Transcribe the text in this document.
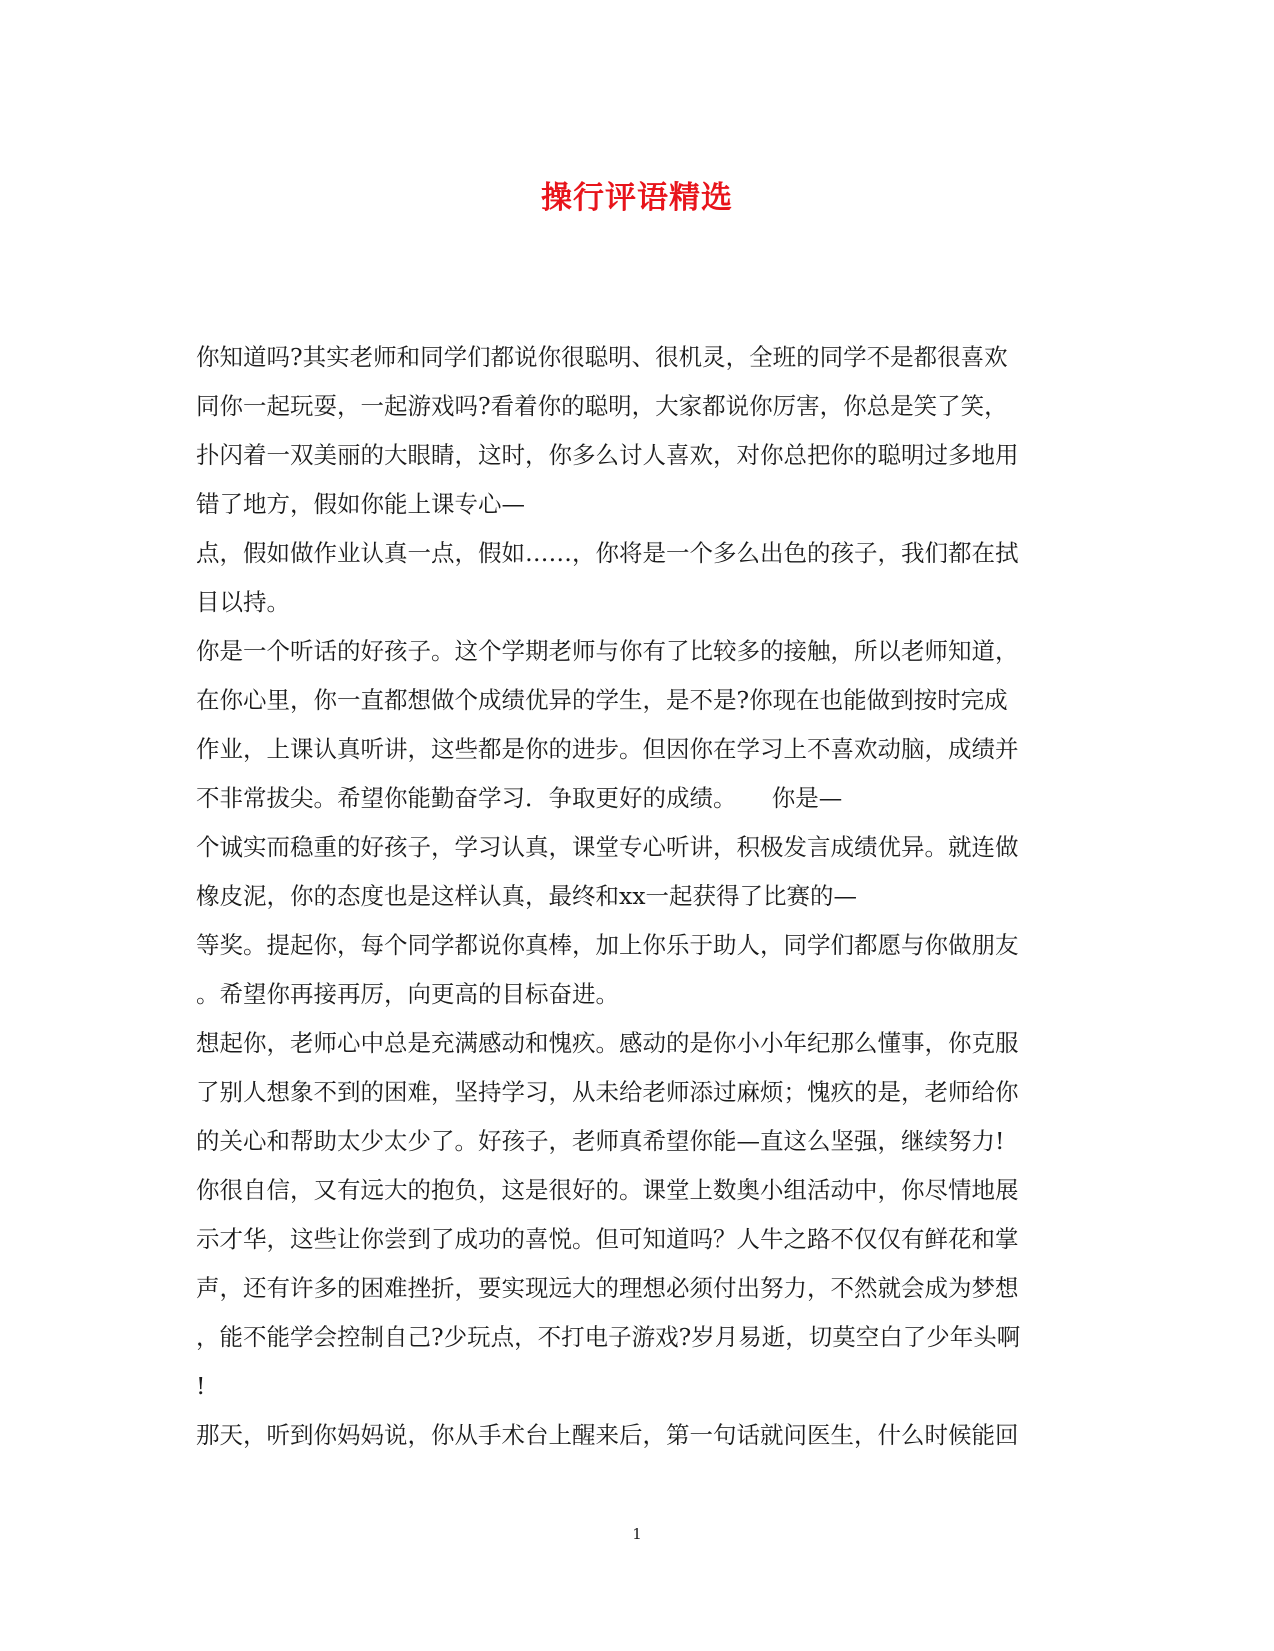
操行评语精选
你知道吗?其实老师和同学们都说你很聪明、很机灵，全班的同学不是都很喜欢
同你一起玩耍，一起游戏吗?看着你的聪明，大家都说你厉害，你总是笑了笑，
扑闪着一双美丽的大眼睛，这时，你多么讨人喜欢，对你总把你的聪明过多地用
错了地方，假如你能上课专心—
点，假如做作业认真一点，假如……，你将是一个多么出色的孩子，我们都在拭
目以持。
你是一个听话的好孩子。这个学期老师与你有了比较多的接触，所以老师知道，
在你心里，你一直都想做个成绩优异的学生，是不是?你现在也能做到按时完成
作业，上课认真听讲，这些都是你的进步。但因你在学习上不喜欢动脑，成绩并
不非常拔尖。希望你能勤奋学习．争取更好的成绩。　　你是—
个诚实而稳重的好孩子，学习认真，课堂专心听讲，积极发言成绩优异。就连做
橡皮泥，你的态度也是这样认真，最终和xx一起获得了比赛的—
等奖。提起你，每个同学都说你真棒，加上你乐于助人，同学们都愿与你做朋友
。希望你再接再厉，向更高的目标奋进。
想起你，老师心中总是充满感动和愧疚。感动的是你小小年纪那么懂事，你克服
了别人想象不到的困难，坚持学习，从未给老师添过麻烦；愧疚的是，老师给你
的关心和帮助太少太少了。好孩子，老师真希望你能—直这么坚强，继续努力!
你很自信，又有远大的抱负，这是很好的。课堂上数奥小组活动中，你尽情地展
示才华，这些让你尝到了成功的喜悦。但可知道吗？人牛之路不仅仅有鲜花和掌
声，还有许多的困难挫折，要实现远大的理想必须付出努力，不然就会成为梦想
，能不能学会控制自己?少玩点，不打电子游戏?岁月易逝，切莫空白了少年头啊
!
那天，听到你妈妈说，你从手术台上醒来后，第一句话就问医生，什么时候能回
1
